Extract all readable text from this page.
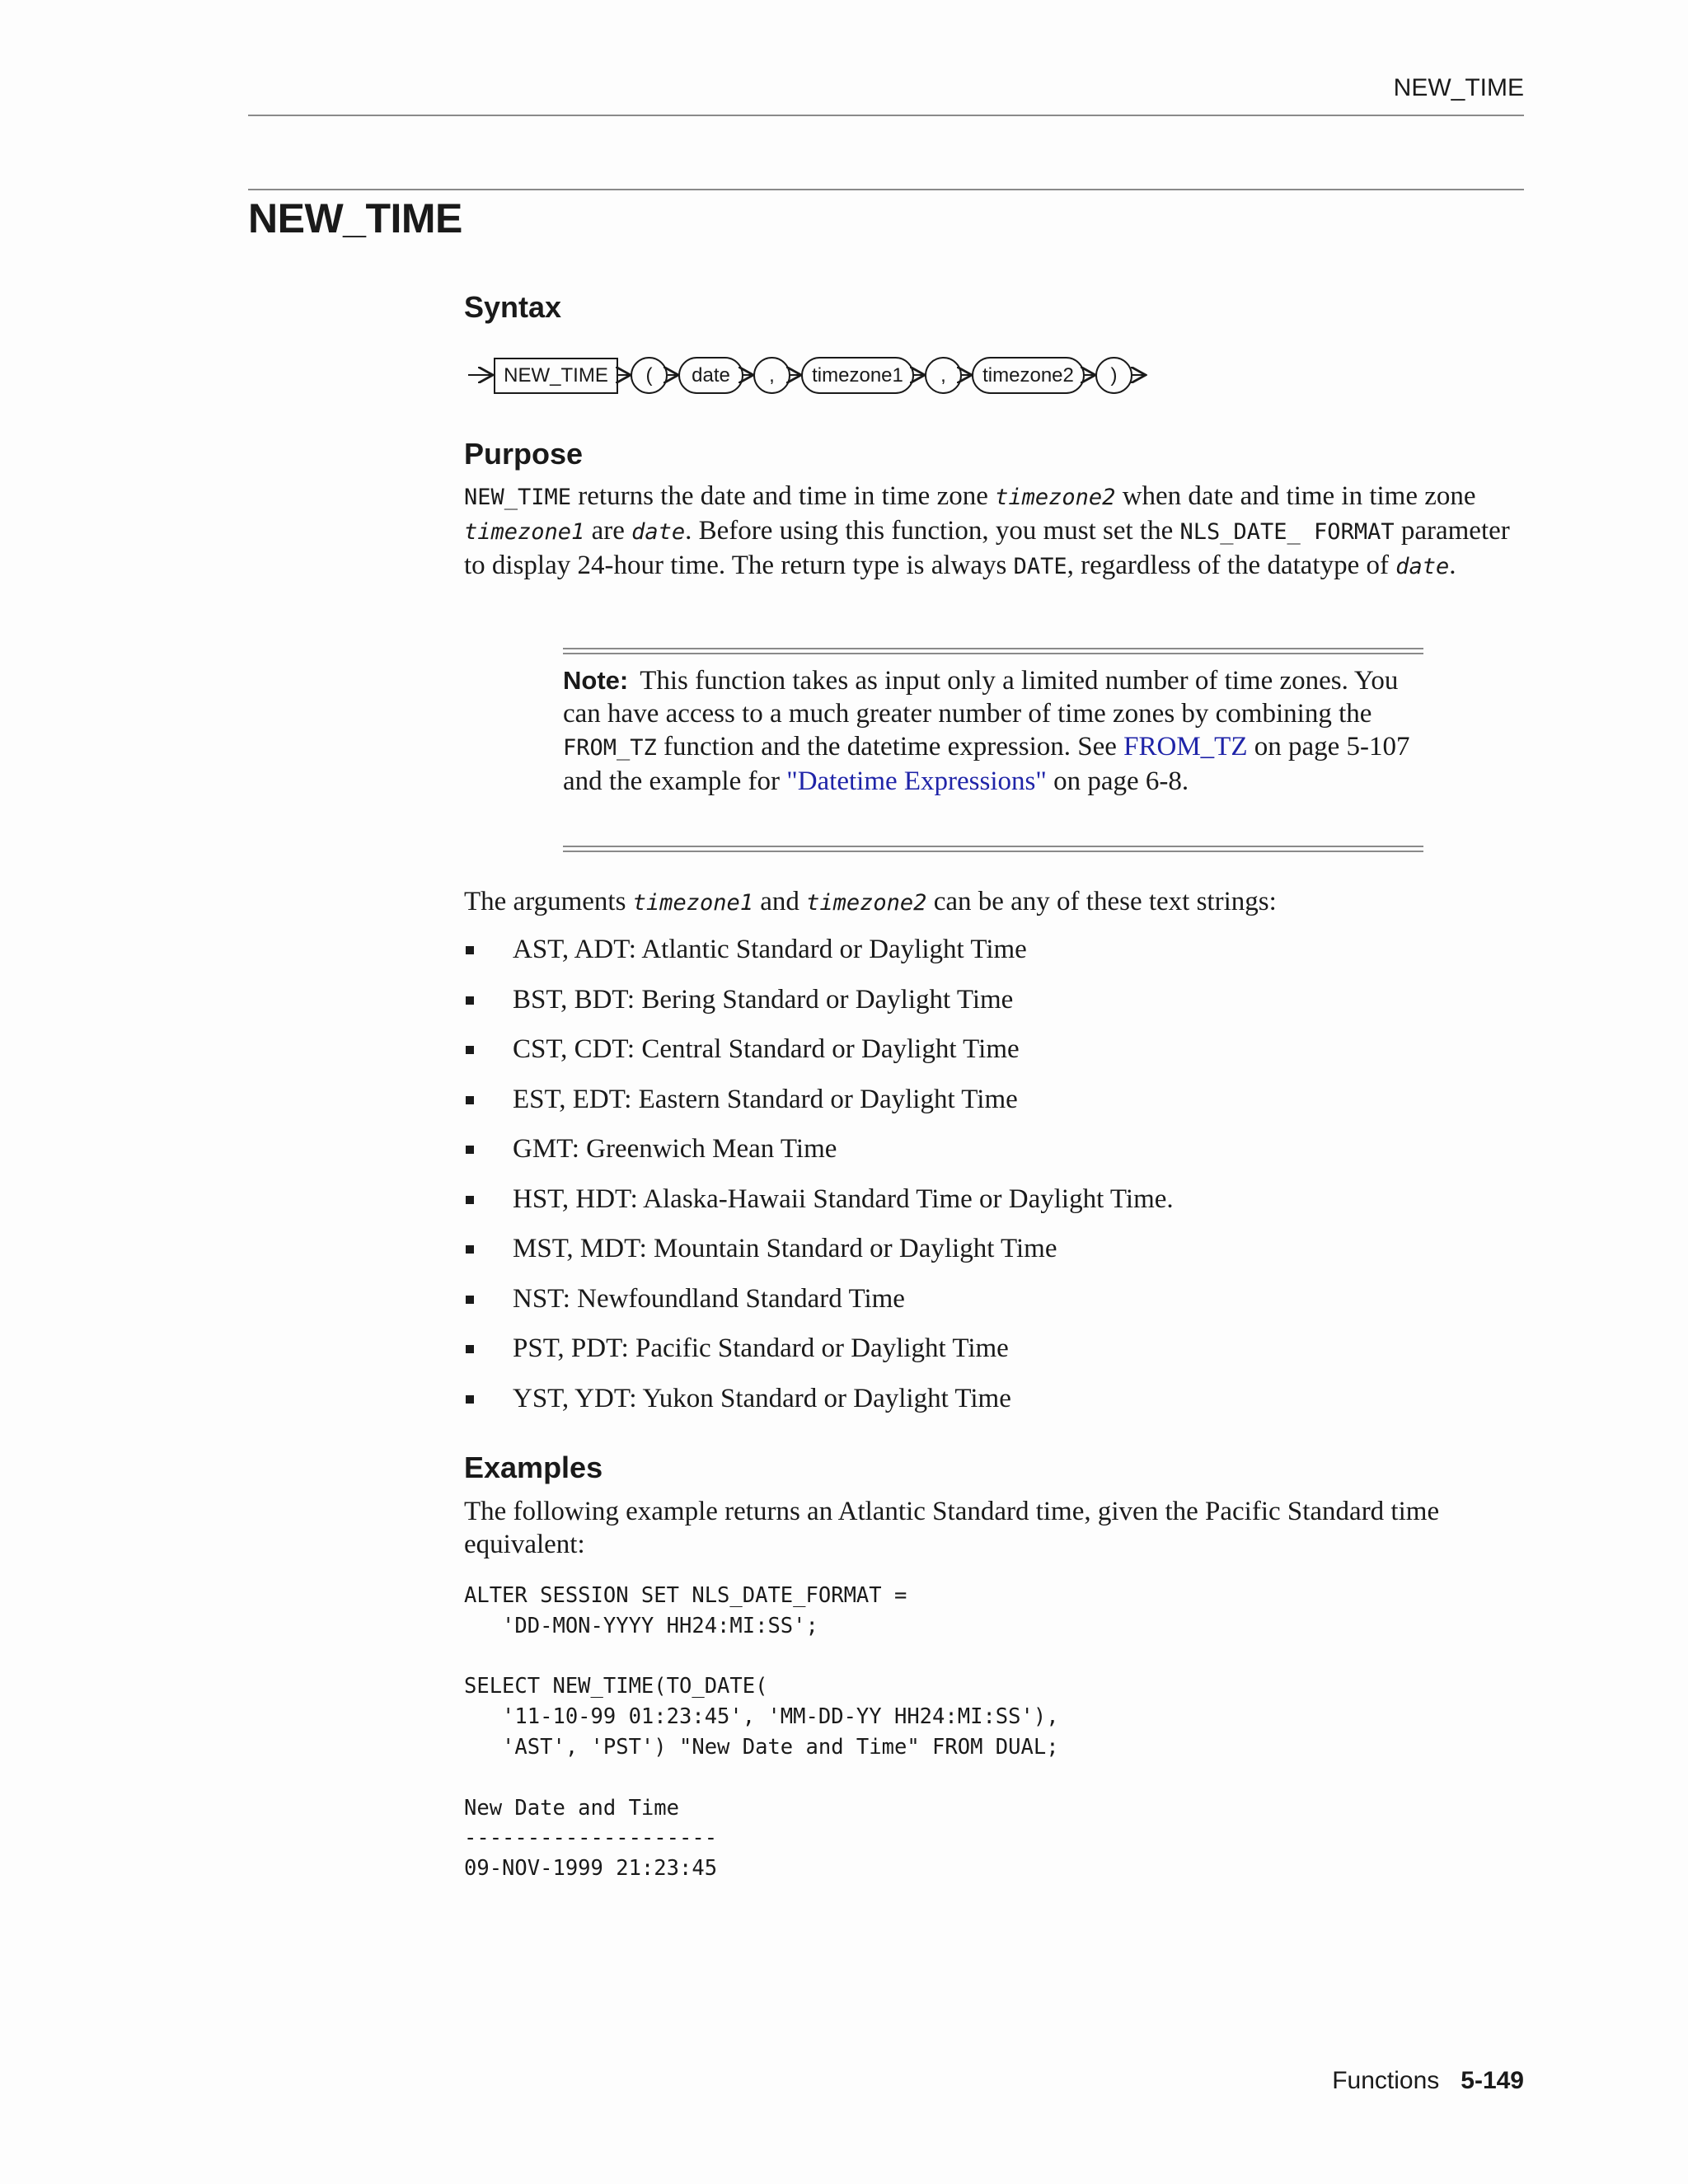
NEW_TIME
NEW_TIME
Syntax
NEW_TIME ( date , timezone1 , timezone2 )
Purpose

NEW_TIME returns the date and time in time zone timezone2 when date and time in time zone timezone1 are date. Before using this function, you must set the NLS_DATE_ FORMAT parameter to display 24-hour time. The return type is always DATE, regardless of the datatype of date.

Note: This function takes as input only a limited number of time zones. You can have access to a much greater number of time zones by combining the FROM_TZ function and the datetime expression. See FROM_TZ on page 5-107 and the example for "Datetime Expressions" on page 6-8.

The arguments timezone1 and timezone2 can be any of these text strings:

AST, ADT: Atlantic Standard or Daylight Time
BST, BDT: Bering Standard or Daylight Time
CST, CDT: Central Standard or Daylight Time
EST, EDT: Eastern Standard or Daylight Time
GMT: Greenwich Mean Time
HST, HDT: Alaska-Hawaii Standard Time or Daylight Time.
MST, MDT: Mountain Standard or Daylight Time
NST: Newfoundland Standard Time
PST, PDT: Pacific Standard or Daylight Time
YST, YDT: Yukon Standard or Daylight Time
Examples

The following example returns an Atlantic Standard time, given the Pacific Standard time equivalent:

ALTER SESSION SET NLS_DATE_FORMAT =
'DD-MON-YYYY HH24:MI:SS';

SELECT NEW_TIME(TO_DATE(
'11-10-99 01:23:45', 'MM-DD-YY HH24:MI:SS'),
'AST', 'PST') "New Date and Time" FROM DUAL;

New Date and Time
--------------------
09-NOV-1999 21:23:45
Functions 5-149
